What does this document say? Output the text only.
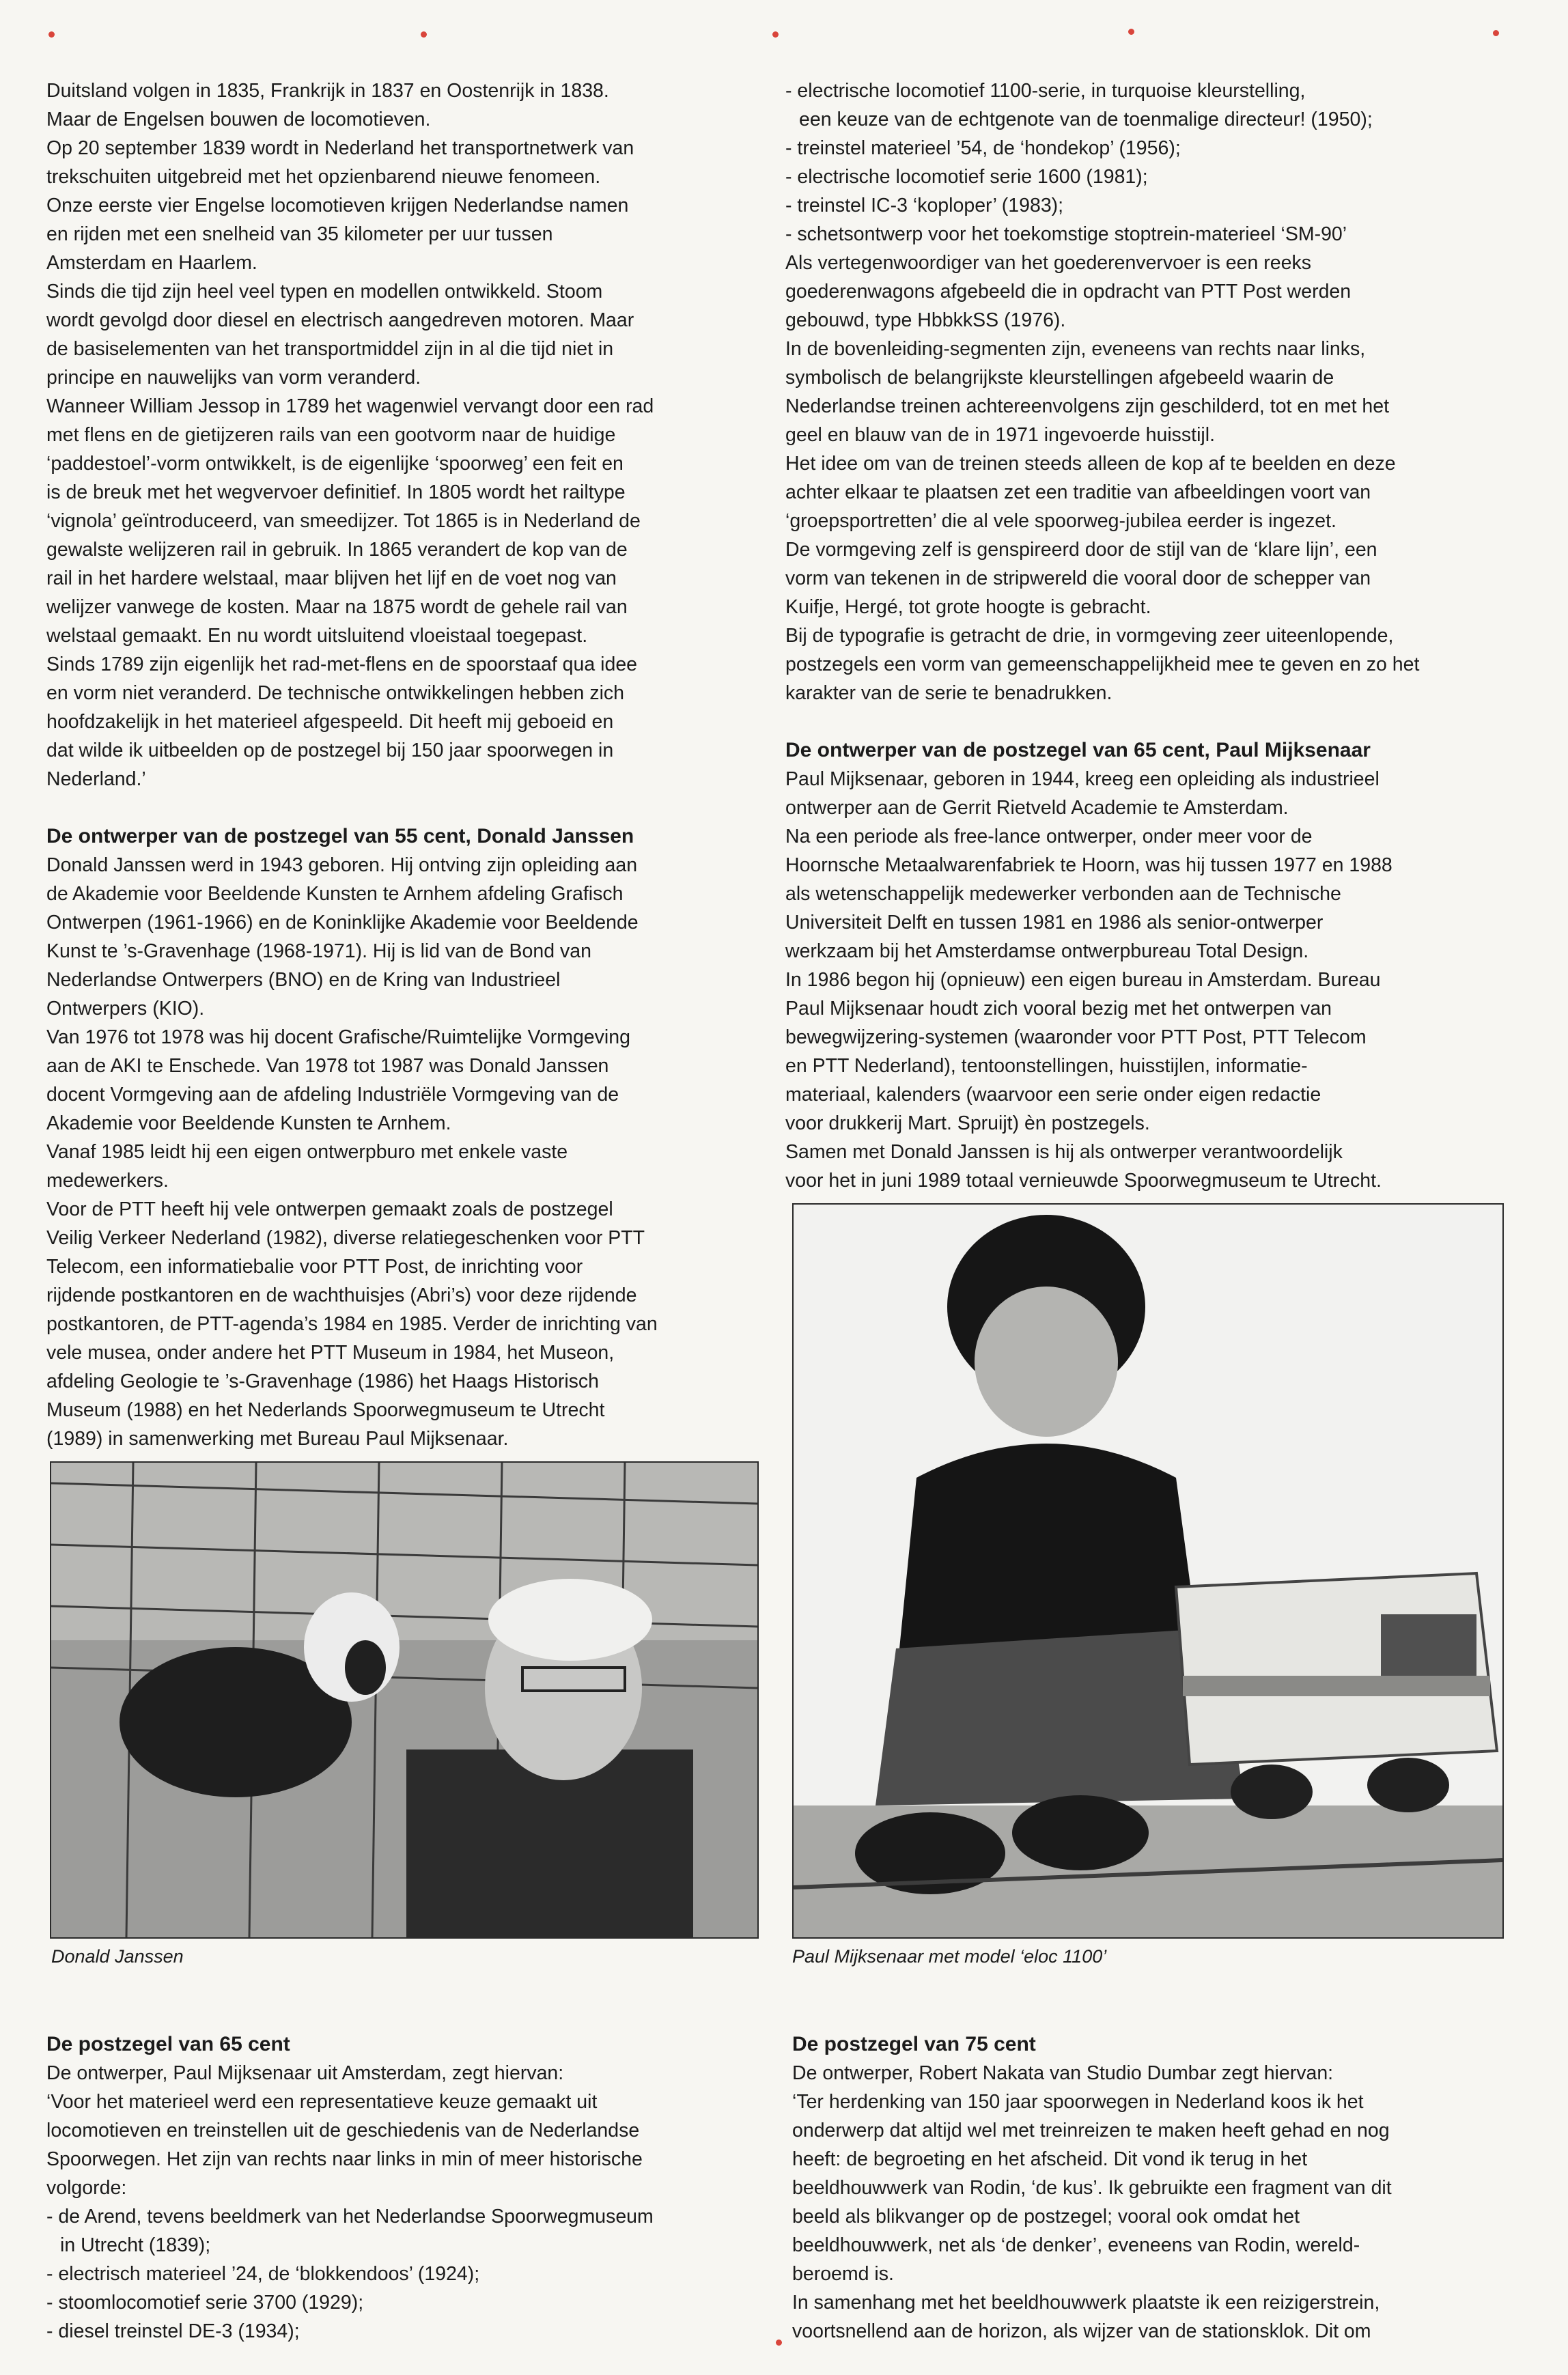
Duitsland volgen in 1835, Frankrijk in 1837 en Oostenrijk in 1838.
Maar de Engelsen bouwen de locomotieven.
Op 20 september 1839 wordt in Nederland het transportnetwerk van
trekschuiten uitgebreid met het opzienbarend nieuwe fenomeen.
Onze eerste vier Engelse locomotieven krijgen Nederlandse namen
en rijden met een snelheid van 35 kilometer per uur tussen
Amsterdam en Haarlem.
Sinds die tijd zijn heel veel typen en modellen ontwikkeld. Stoom
wordt gevolgd door diesel en electrisch aangedreven motoren. Maar
de basiselementen van het transportmiddel zijn in al die tijd niet in
principe en nauwelijks van vorm veranderd.
Wanneer William Jessop in 1789 het wagenwiel vervangt door een rad
met flens en de gietijzeren rails van een gootvorm naar de huidige
‘paddestoel’-vorm ontwikkelt, is de eigenlijke ‘spoorweg’ een feit en
is de breuk met het wegvervoer definitief. In 1805 wordt het railtype
‘vignola’ geïntroduceerd, van smeedijzer. Tot 1865 is in Nederland de
gewalste welijzeren rail in gebruik. In 1865 verandert de kop van de
rail in het hardere welstaal, maar blijven het lijf en de voet nog van
welijzer vanwege de kosten. Maar na 1875 wordt de gehele rail van
welstaal gemaakt. En nu wordt uitsluitend vloeistaal toegepast.
Sinds 1789 zijn eigenlijk het rad-met-flens en de spoorstaaf qua idee
en vorm niet veranderd. De technische ontwikkelingen hebben zich
hoofdzakelijk in het materieel afgespeeld. Dit heeft mij geboeid en
dat wilde ik uitbeelden op de postzegel bij 150 jaar spoorwegen in
Nederland.’
De ontwerper van de postzegel van 55 cent, Donald Janssen
Donald Janssen werd in 1943 geboren. Hij ontving zijn opleiding aan
de Akademie voor Beeldende Kunsten te Arnhem afdeling Grafisch
Ontwerpen (1961-1966) en de Koninklijke Akademie voor Beeldende
Kunst te ’s-Gravenhage (1968-1971). Hij is lid van de Bond van
Nederlandse Ontwerpers (BNO) en de Kring van Industrieel
Ontwerpers (KIO).
Van 1976 tot 1978 was hij docent Grafische/Ruimtelijke Vormgeving
aan de AKI te Enschede. Van 1978 tot 1987 was Donald Janssen
docent Vormgeving aan de afdeling Industriële Vormgeving van de
Akademie voor Beeldende Kunsten te Arnhem.
Vanaf 1985 leidt hij een eigen ontwerpburo met enkele vaste
medewerkers.
Voor de PTT heeft hij vele ontwerpen gemaakt zoals de postzegel
Veilig Verkeer Nederland (1982), diverse relatiegeschenken voor PTT
Telecom, een informatiebalie voor PTT Post, de inrichting voor
rijdende postkantoren en de wachthuisjes (Abri’s) voor deze rijdende
postkantoren, de PTT-agenda’s 1984 en 1985. Verder de inrichting van
vele musea, onder andere het PTT Museum in 1984, het Museon,
afdeling Geologie te ’s-Gravenhage (1986) het Haags Historisch
Museum (1988) en het Nederlands Spoorwegmuseum te Utrecht
(1989) in samenwerking met Bureau Paul Mijksenaar.
- electrische locomotief 1100-serie, in turquoise kleurstelling,
een keuze van de echtgenote van de toenmalige directeur! (1950);
- treinstel materieel ’54, de ‘hondekop’ (1956);
- electrische locomotief serie 1600 (1981);
- treinstel IC-3 ‘koploper’ (1983);
- schetsontwerp voor het toekomstige stoptrein-materieel ‘SM-90’
Als vertegenwoordiger van het goederenvervoer is een reeks
goederenwagons afgebeeld die in opdracht van PTT Post werden
gebouwd, type HbbkkSS (1976).
In de bovenleiding-segmenten zijn, eveneens van rechts naar links,
symbolisch de belangrijkste kleurstellingen afgebeeld waarin de
Nederlandse treinen achtereenvolgens zijn geschilderd, tot en met het
geel en blauw van de in 1971 ingevoerde huisstijl.
Het idee om van de treinen steeds alleen de kop af te beelden en deze
achter elkaar te plaatsen zet een traditie van afbeeldingen voort van
‘groepsportretten’ die al vele spoorweg-jubilea eerder is ingezet.
De vormgeving zelf is genspireerd door de stijl van de ‘klare lijn’, een
vorm van tekenen in de stripwereld die vooral door de schepper van
Kuifje, Hergé, tot grote hoogte is gebracht.
Bij de typografie is getracht de drie, in vormgeving zeer uiteenlopende,
postzegels een vorm van gemeenschappelijkheid mee te geven en zo het
karakter van de serie te benadrukken.
De ontwerper van de postzegel van 65 cent, Paul Mijksenaar
Paul Mijksenaar, geboren in 1944, kreeg een opleiding als industrieel
ontwerper aan de Gerrit Rietveld Academie te Amsterdam.
Na een periode als free-lance ontwerper, onder meer voor de
Hoornsche Metaalwarenfabriek te Hoorn, was hij tussen 1977 en 1988
als wetenschappelijk medewerker verbonden aan de Technische
Universiteit Delft en tussen 1981 en 1986 als senior-ontwerper
werkzaam bij het Amsterdamse ontwerpbureau Total Design.
In 1986 begon hij (opnieuw) een eigen bureau in Amsterdam. Bureau
Paul Mijksenaar houdt zich vooral bezig met het ontwerpen van
bewegwijzering-systemen (waaronder voor PTT Post, PTT Telecom
en PTT Nederland), tentoonstellingen, huisstijlen, informatie-
materiaal, kalenders (waarvoor een serie onder eigen redactie
voor drukkerij Mart. Spruijt) èn postzegels.
Samen met Donald Janssen is hij als ontwerper verantwoordelijk
voor het in juni 1989 totaal vernieuwde Spoorwegmuseum te Utrecht.
Donald Janssen	Paul Mijksenaar met model ‘eloc 1100’
De postzegel van 65 cent
De ontwerper, Paul Mijksenaar uit Amsterdam, zegt hiervan:
‘Voor het materieel werd een representatieve keuze gemaakt uit
locomotieven en treinstellen uit de geschiedenis van de Nederlandse
Spoorwegen. Het zijn van rechts naar links in min of meer historische
volgorde:
- de Arend, tevens beeldmerk van het Nederlandse Spoorwegmuseum
in Utrecht (1839);
- electrisch materieel ’24, de ‘blokkendoos’ (1924);
- stoomlocomotief serie 3700 (1929);
- diesel treinstel DE-3 (1934);
De postzegel van 75 cent
De ontwerper, Robert Nakata van Studio Dumbar zegt hiervan:
‘Ter herdenking van 150 jaar spoorwegen in Nederland koos ik het
onderwerp dat altijd wel met treinreizen te maken heeft gehad en nog
heeft: de begroeting en het afscheid. Dit vond ik terug in het
beeldhouwwerk van Rodin, ‘de kus’. Ik gebruikte een fragment van dit
beeld als blikvanger op de postzegel; vooral ook omdat het
beeldhouwwerk, net als ‘de denker’, eveneens van Rodin, wereld-
beroemd is.
In samenhang met het beeldhouwwerk plaatste ik een reizigerstrein,
voortsnellend aan de horizon, als wijzer van de stationsklok. Dit om
